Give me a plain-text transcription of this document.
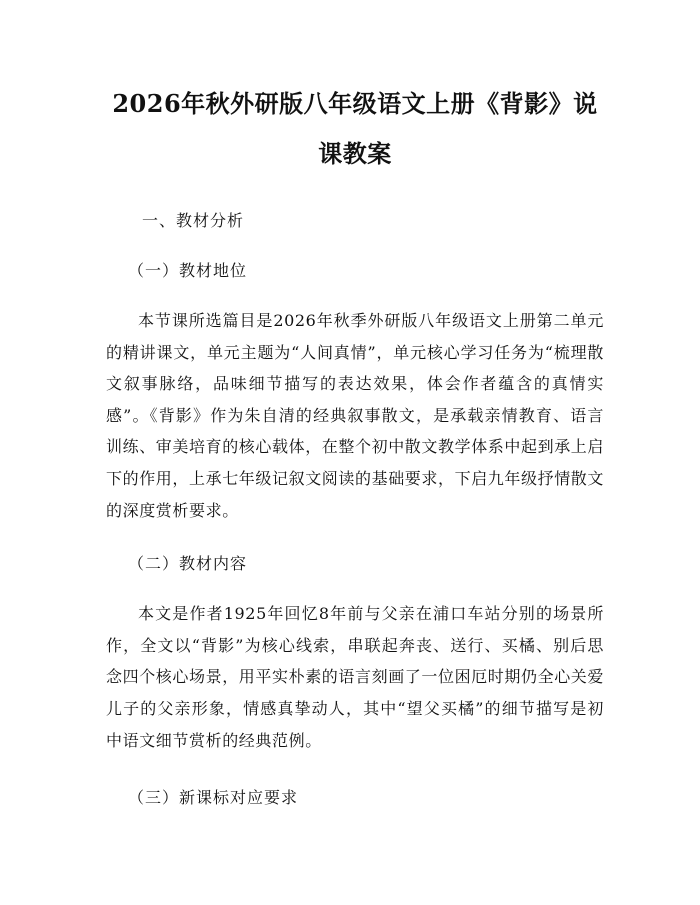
2026年秋外研版八年级语文上册《背影》说课教案

一、教材分析

（一）教材地位

本节课所选篇目是2026年秋季外研版八年级语文上册第二单元的精讲课文，单元主题为“人间真情”，单元核心学习任务为“梳理散文叙事脉络，品味细节描写的表达效果，体会作者蕴含的真情实感”。《背影》作为朱自清的经典叙事散文，是承载亲情教育、语言训练、审美培育的核心载体，在整个初中散文教学体系中起到承上启下的作用，上承七年级记叙文阅读的基础要求，下启九年级抒情散文的深度赏析要求。

（二）教材内容

本文是作者1925年回忆8年前与父亲在浦口车站分别的场景所作，全文以“背影”为核心线索，串联起奔丧、送行、买橘、别后思念四个核心场景，用平实朴素的语言刻画了一位困厄时期仍全心关爱儿子的父亲形象，情感真挚动人，其中“望父买橘”的细节描写是初中语文细节赏析的经典范例。

（三）新课标对应要求
